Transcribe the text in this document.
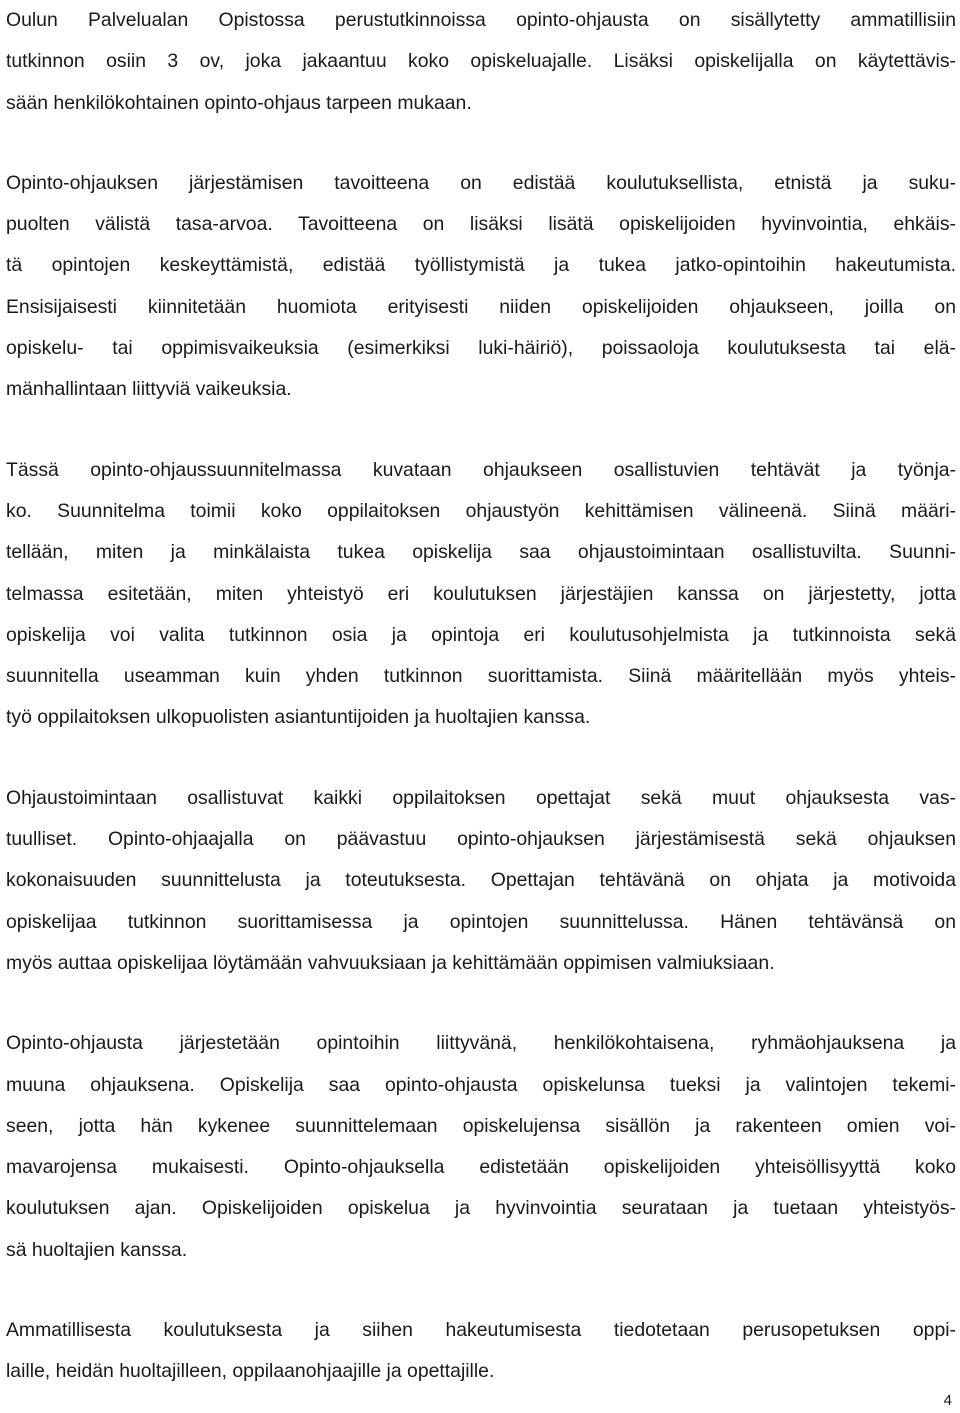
Oulun Palvelualan Opistossa perustutkinnoissa opinto-ohjausta on sisällytetty ammatillisiin
tutkinnon osiin 3 ov, joka jakaantuu koko opiskeluajalle. Lisäksi opiskelijalla on käytettävis-
sään henkilökohtainen opinto-ohjaus tarpeen mukaan.
Opinto-ohjauksen järjestämisen tavoitteena on edistää koulutuksellista, etnistä ja suku-
puolten välistä tasa-arvoa. Tavoitteena on lisäksi lisätä opiskelijoiden hyvinvointia, ehkäis-
tä opintojen keskeyttämistä, edistää työllistymistä ja tukea jatko-opintoihin hakeutumista.
Ensisijaisesti kiinnitetään huomiota erityisesti niiden opiskelijoiden ohjaukseen, joilla on
opiskelu- tai oppimisvaikeuksia (esimerkiksi luki-häiriö), poissaoloja koulutuksesta tai elä-
mänhallintaan liittyviä vaikeuksia.
Tässä opinto-ohjaussuunnitelmassa kuvataan ohjaukseen osallistuvien tehtävät ja työnja-
ko. Suunnitelma toimii koko oppilaitoksen ohjaustyön kehittämisen välineenä. Siinä määri-
tellään, miten ja minkälaista tukea opiskelija saa ohjaustoimintaan osallistuvilta. Suunni-
telmassa esitetään, miten yhteistyö eri koulutuksen järjestäjien kanssa on järjestetty, jotta
opiskelija voi valita tutkinnon osia ja opintoja eri koulutusohjelmista ja tutkinnoista sekä
suunnitella useamman kuin yhden tutkinnon suorittamista. Siinä määritellään myös yhteis-
työ oppilaitoksen ulkopuolisten asiantuntijoiden ja huoltajien kanssa.
Ohjaustoimintaan osallistuvat kaikki oppilaitoksen opettajat sekä muut ohjauksesta vas-
tuulliset. Opinto-ohjaajalla on päävastuu opinto-ohjauksen järjestämisestä sekä ohjauksen
kokonaisuuden suunnittelusta ja toteutuksesta. Opettajan tehtävänä on ohjata ja motivoida
opiskelijaa tutkinnon suorittamisessa ja opintojen suunnittelussa. Hänen tehtävänsä on
myös auttaa opiskelijaa löytämään vahvuuksiaan ja kehittämään oppimisen valmiuksiaan.
Opinto-ohjausta järjestetään opintoihin liittyvänä, henkilökohtaisena, ryhmäohjauksena ja
muuna ohjauksena. Opiskelija saa opinto-ohjausta opiskelunsa tueksi ja valintojen tekemi-
seen, jotta hän kykenee suunnittelemaan opiskelujensa sisällön ja rakenteen omien voi-
mavarojensa mukaisesti. Opinto-ohjauksella edistetään opiskelijoiden yhteisöllisyyttä koko
koulutuksen ajan. Opiskelijoiden opiskelua ja hyvinvointia seurataan ja tuetaan yhteistyös-
sä huoltajien kanssa.
Ammatillisesta koulutuksesta ja siihen hakeutumisesta tiedotetaan perusopetuksen oppi-
laille, heidän huoltajilleen, oppilaanohjaajille ja opettajille.
4
